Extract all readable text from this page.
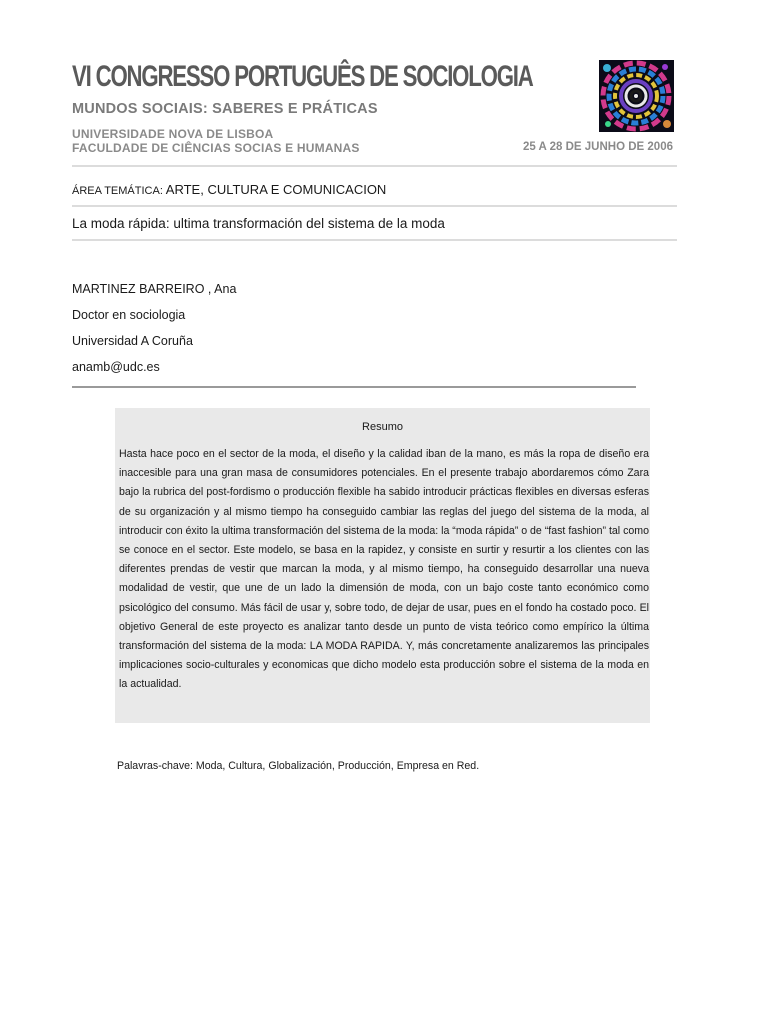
VI CONGRESSO PORTUGUÊS DE SOCIOLOGIA
MUNDOS SOCIAIS: SABERES E PRÁTICAS
UNIVERSIDADE NOVA DE LISBOA
FACULDADE DE CIÊNCIAS SOCIAS E HUMANAS	25 A 28 DE JUNHO DE 2006
ÁREA TEMÁTICA: ARTE, CULTURA E COMUNICACION
La moda rápida: ultima transformación del sistema de la moda
MARTINEZ BARREIRO , Ana
Doctor en sociologia
Universidad A Coruña
anamb@udc.es
Resumo

Hasta hace poco en el sector de la moda, el diseño y la calidad iban de la mano, es más la ropa de diseño era inaccesible para una gran masa de consumidores potenciales. En el presente trabajo abordaremos cómo Zara bajo la rubrica del post-fordismo o producción flexible ha sabido introducir prácticas flexibles en diversas esferas de su organización y al mismo tiempo ha conseguido cambiar las reglas del juego del sistema de la moda, al introducir con éxito la ultima transformación del sistema de la moda: la “moda rápida” o de “fast fashion” tal como se conoce en el sector. Este modelo, se basa en la rapidez, y consiste en surtir y resurtir a los clientes con las diferentes prendas de vestir que marcan la moda, y al mismo tiempo, ha conseguido desarrollar una nueva modalidad de vestir, que une de un lado la dimensión de moda, con un bajo coste tanto económico como psicológico del consumo. Más fácil de usar y, sobre todo, de dejar de usar, pues en el fondo ha costado poco. El objetivo General de este proyecto es analizar tanto desde un punto de vista teórico como empírico la última transformación del sistema de la moda: LA MODA RAPIDA. Y, más concretamente analizaremos las principales implicaciones socio-culturales y economicas que dicho modelo esta producción sobre el sistema de la moda en la actualidad.

Palavras-chave: Moda, Cultura, Globalización, Producción, Empresa en Red.
